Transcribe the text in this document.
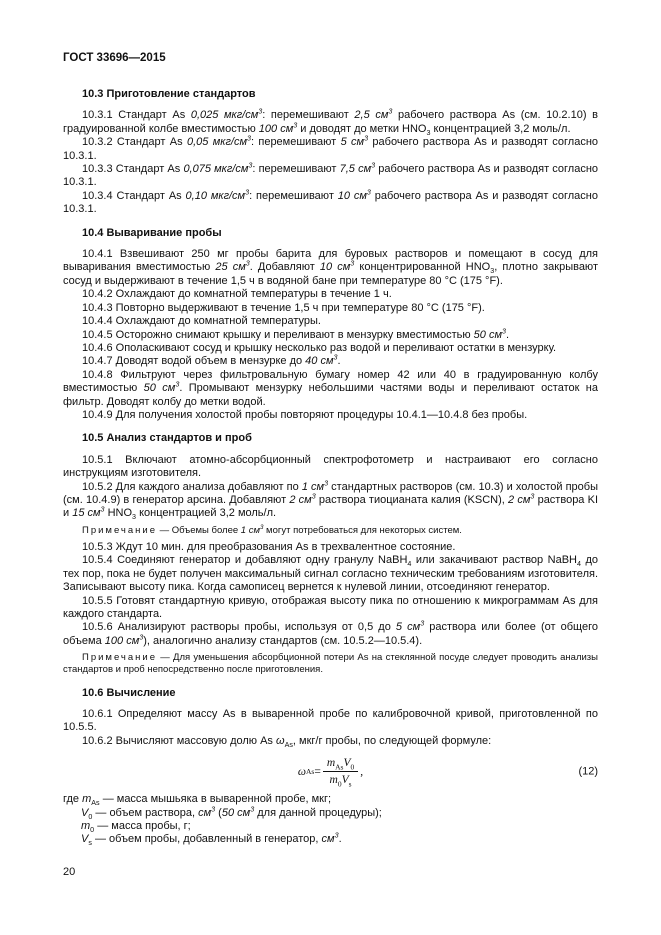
ГОСТ 33696—2015
10.3 Приготовление стандартов
10.3.1 Стандарт As 0,025 мкг/$см^3$: перемешивают 2,5 $см^3$ рабочего раствора As (см. 10.2.10) в градуированной колбе вместимостью 100 $см^3$ и доводят до метки $HNO_3$ концентрацией 3,2 моль/л.
10.3.2 Стандарт As 0,05 мкг/$см^3$: перемешивают 5 $см^3$ рабочего раствора As и разводят согласно 10.3.1.
10.3.3 Стандарт As 0,075 мкг/$см^3$: перемешивают 7,5 $см^3$ рабочего раствора As и разводят согласно 10.3.1.
10.3.4 Стандарт As 0,10 мкг/$см^3$: перемешивают 10 $см^3$ рабочего раствора As и разводят согласно 10.3.1.
10.4 Вываривание пробы
10.4.1 Взвешивают 250 мг пробы барита для буровых растворов и помещают в сосуд для вываривания вместимостью 25 $см^3$. Добавляют 10 $см^3$ концентрированной $HNO_3$, плотно закрывают сосуд и выдерживают в течение 1,5 ч в водяной бане при температуре 80 °С (175 °F).
10.4.2 Охлаждают до комнатной температуры в течение 1 ч.
10.4.3 Повторно выдерживают в течение 1,5 ч при температуре 80 °С (175 °F).
10.4.4 Охлаждают до комнатной температуры.
10.4.5 Осторожно снимают крышку и переливают в мензурку вместимостью 50 $см^3$.
10.4.6 Ополаскивают сосуд и крышку несколько раз водой и переливают остатки в мензурку.
10.4.7 Доводят водой объем в мензурке до 40 $см^3$.
10.4.8 Фильтруют через фильтровальную бумагу номер 42 или 40 в градуированную колбу вместимостью 50 $см^3$. Промывают мензурку небольшими частями воды и переливают остаток на фильтр. Доводят колбу до метки водой.
10.4.9 Для получения холостой пробы повторяют процедуры 10.4.1—10.4.8 без пробы.
10.5 Анализ стандартов и проб
10.5.1 Включают атомно-абсорбционный спектрофотометр и настраивают его согласно инструкциям изготовителя.
10.5.2 Для каждого анализа добавляют по 1 $см^3$ стандартных растворов (см. 10.3) и холостой пробы (см. 10.4.9) в генератор арсина. Добавляют 2 $см^3$ раствора тиоцианата калия (KSCN), 2 $см^3$ раствора KI и 15 $см^3$ $HNO_3$ концентрацией 3,2 моль/л.
Примечание — Объемы более 1 $см^3$ могут потребоваться для некоторых систем.
10.5.3 Ждут 10 мин. для преобразования As в трехвалентное состояние.
10.5.4 Соединяют генератор и добавляют одну гранулу NaBH$_4$ или закачивают раствор NaBH$_4$ до тех пор, пока не будет получен максимальный сигнал согласно техническим требованиям изготовителя. Записывают высоту пика. Когда самописец вернется к нулевой линии, отсоединяют генератор.
10.5.5 Готовят стандартную кривую, отображая высоту пика по отношению к микрограммам As для каждого стандарта.
10.5.6 Анализируют растворы пробы, используя от 0,5 до 5 $см^3$ раствора или более (от общего объема 100 $см^3$), аналогично анализу стандартов (см. 10.5.2—10.5.4).
Примечание — Для уменьшения абсорбционной потери As на стеклянной посуде следует проводить анализы стандартов и проб непосредственно после приготовления.
10.6 Вычисление
10.6.1 Определяют массу As в вываренной пробе по калибровочной кривой, приготовленной по 10.5.5.
10.6.2 Вычисляют массовую долю As $\omega_{As}$, мкг/г пробы, по следующей формуле:
ω $As = \frac{m_{As}V_0}{m_0V_s}$ ,	(12)
где $m_{As}$ — масса мышьяка в вываренной пробе, мкг;
$V_0$ — объем раствора, $см^3$ (50 $см^3$ для данной процедуры);
$m_0$ — масса пробы, г;
$V_s$ — объем пробы, добавленный в генератор, $см^3$.
20
